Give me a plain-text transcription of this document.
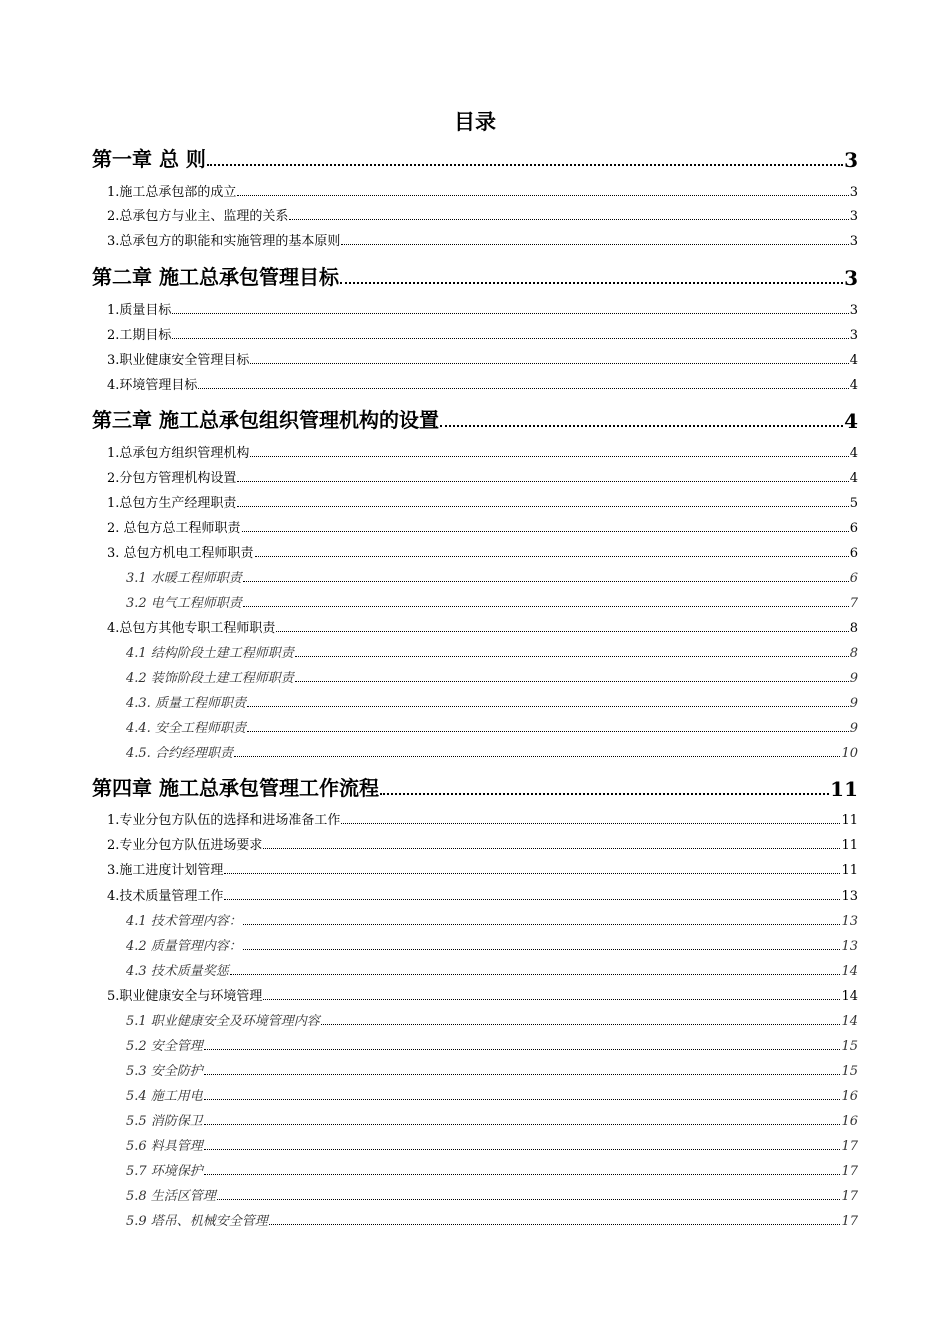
目录
第一章 总 则	3
1.施工总承包部的成立	3
2.总承包方与业主、监理的关系	3
3.总承包方的职能和实施管理的基本原则	3
第二章 施工总承包管理目标	3
1.质量目标	3
2.工期目标	3
3.职业健康安全管理目标	4
4.环境管理目标	4
第三章 施工总承包组织管理机构的设置	4
1.总承包方组织管理机构	4
2.分包方管理机构设置	4
1.总包方生产经理职责	5
2. 总包方总工程师职责	6
3. 总包方机电工程师职责	6
3.1 水暖工程师职责	6
3.2 电气工程师职责	7
4.总包方其他专职工程师职责	8
4.1 结构阶段土建工程师职责	8
4.2 装饰阶段土建工程师职责	9
4.3. 质量工程师职责	9
4.4. 安全工程师职责	9
4.5. 合约经理职责	10
第四章 施工总承包管理工作流程	11
1.专业分包方队伍的选择和进场准备工作	11
2.专业分包方队伍进场要求	11
3.施工进度计划管理	11
4.技术质量管理工作	13
4.1 技术管理内容：	13
4.2 质量管理内容：	13
4.3 技术质量奖惩	14
5.职业健康安全与环境管理	14
5.1 职业健康安全及环境管理内容	14
5.2 安全管理	15
5.3 安全防护	15
5.4 施工用电	16
5.5 消防保卫	16
5.6 料具管理	17
5.7 环境保护	17
5.8 生活区管理	17
5.9 塔吊、机械安全管理	17
